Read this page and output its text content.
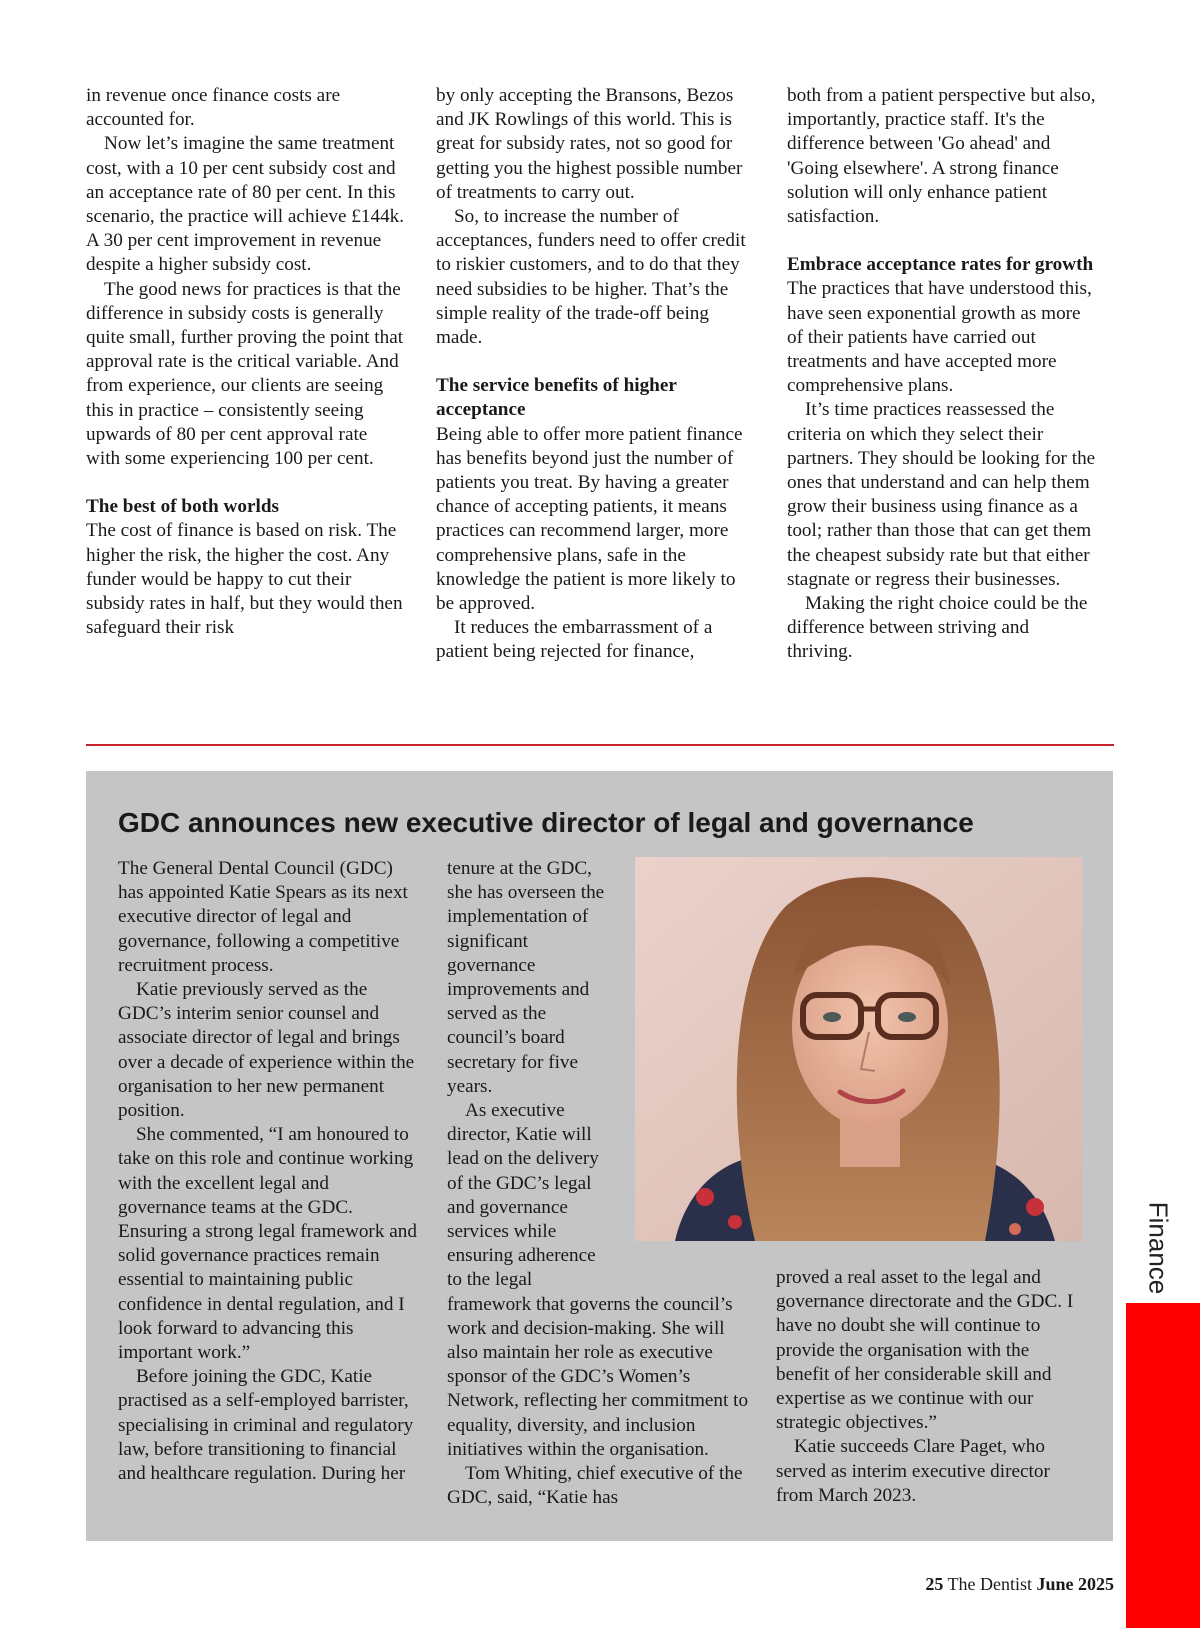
in revenue once finance costs are accounted for.

Now let’s imagine the same treatment cost, with a 10 per cent subsidy cost and an acceptance rate of 80 per cent. In this scenario, the practice will achieve £144k. A 30 per cent improvement in revenue despite a higher subsidy cost.

The good news for practices is that the difference in subsidy costs is generally quite small, further proving the point that approval rate is the critical variable. And from experience, our clients are seeing this in practice – consistently seeing upwards of 80 per cent approval rate with some experiencing 100 per cent.

The best of both worlds

The cost of finance is based on risk. The higher the risk, the higher the cost. Any funder would be happy to cut their subsidy rates in half, but they would then safeguard their risk

by only accepting the Bransons, Bezos and JK Rowlings of this world. This is great for subsidy rates, not so good for getting you the highest possible number of treatments to carry out.

So, to increase the number of acceptances, funders need to offer credit to riskier customers, and to do that they need subsidies to be higher. That’s the simple reality of the trade-off being made.

The service benefits of higher acceptance

Being able to offer more patient finance has benefits beyond just the number of patients you treat. By having a greater chance of accepting patients, it means practices can recommend larger, more comprehensive plans, safe in the knowledge the patient is more likely to be approved.

It reduces the embarrassment of a patient being rejected for finance,

both from a patient perspective but also, importantly, practice staff. It's the difference between 'Go ahead' and 'Going elsewhere'. A strong finance solution will only enhance patient satisfaction.

Embrace acceptance rates for growth

The practices that have understood this, have seen exponential growth as more of their patients have carried out treatments and have accepted more comprehensive plans.

It’s time practices reassessed the criteria on which they select their partners. They should be looking for the ones that understand and can help them grow their business using finance as a tool; rather than those that can get them the cheapest subsidy rate but that either stagnate or regress their businesses.

Making the right choice could be the difference between striving and thriving.

GDC announces new executive director of legal and governance

The General Dental Council (GDC) has appointed Katie Spears as its next executive director of legal and governance, following a competitive recruitment process.

Katie previously served as the GDC’s interim senior counsel and associate director of legal and brings over a decade of experience within the organisation to her new permanent position.

She commented, “I am honoured to take on this role and continue working with the excellent legal and governance teams at the GDC. Ensuring a strong legal framework and solid governance practices remain essential to maintaining public confidence in dental regulation, and I look forward to advancing this important work.”

Before joining the GDC, Katie practised as a self-employed barrister, specialising in criminal and regulatory law, before transitioning to financial and healthcare regulation. During her

tenure at the GDC, she has overseen the implementation of significant governance improvements and served as the council’s board secretary for five years.

As executive director, Katie will lead on the delivery of the GDC’s legal and governance services while ensuring adherence to the legal

framework that governs the council’s work and decision-making. She will also maintain her role as executive sponsor of the GDC’s Women’s Network, reflecting her commitment to equality, diversity, and inclusion initiatives within the organisation.

Tom Whiting, chief executive of the GDC, said, “Katie has

proved a real asset to the legal and governance directorate and the GDC. I have no doubt she will continue to provide the organisation with the benefit of her considerable skill and expertise as we continue with our strategic objectives.”

Katie succeeds Clare Paget, who served as interim executive director from March 2023.

Finance
25 The Dentist June 2025
